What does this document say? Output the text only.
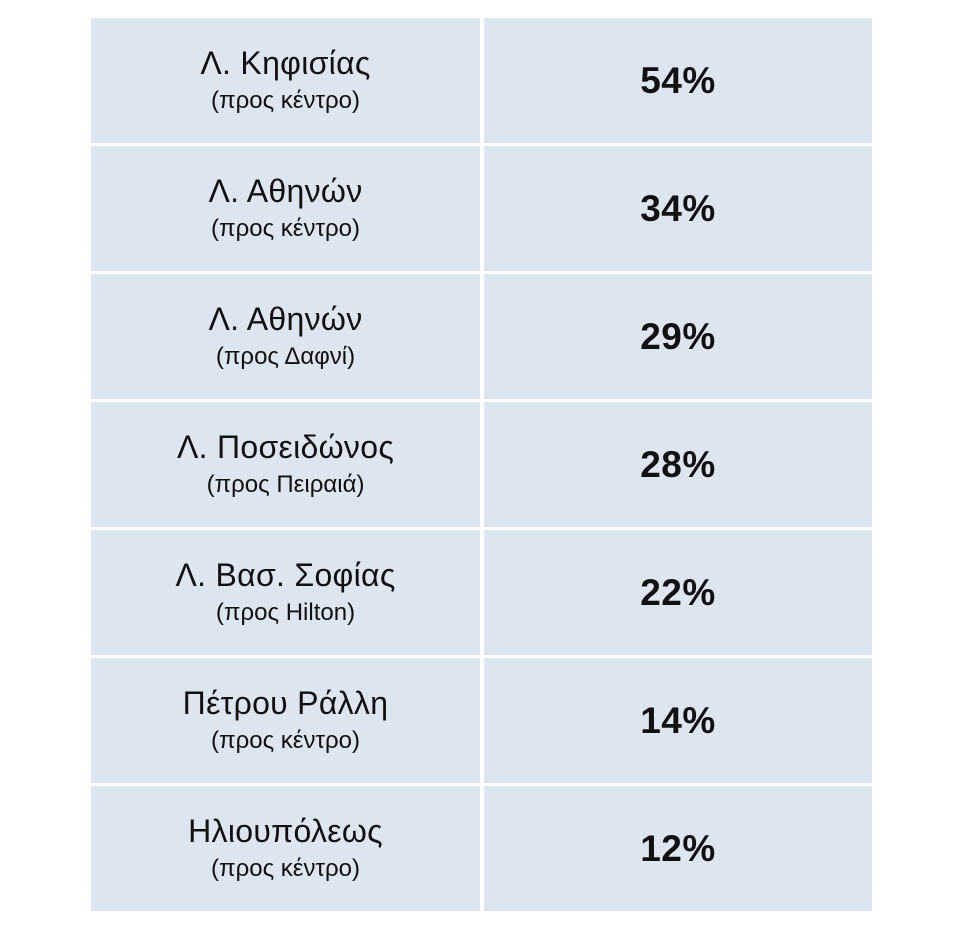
Λ. Κηφισίας
(προς κέντρο)	54%
Λ. Αθηνών
(προς κέντρο)	34%
Λ. Αθηνών
(προς Δαφνί)	29%
Λ. Ποσειδώνος
(προς Πειραιά)	28%
Λ. Βασ. Σοφίας
(προς Hilton)	22%
Πέτρου Ράλλη
(προς κέντρο)	14%
Ηλιουπόλεως
(προς κέντρο)	12%
